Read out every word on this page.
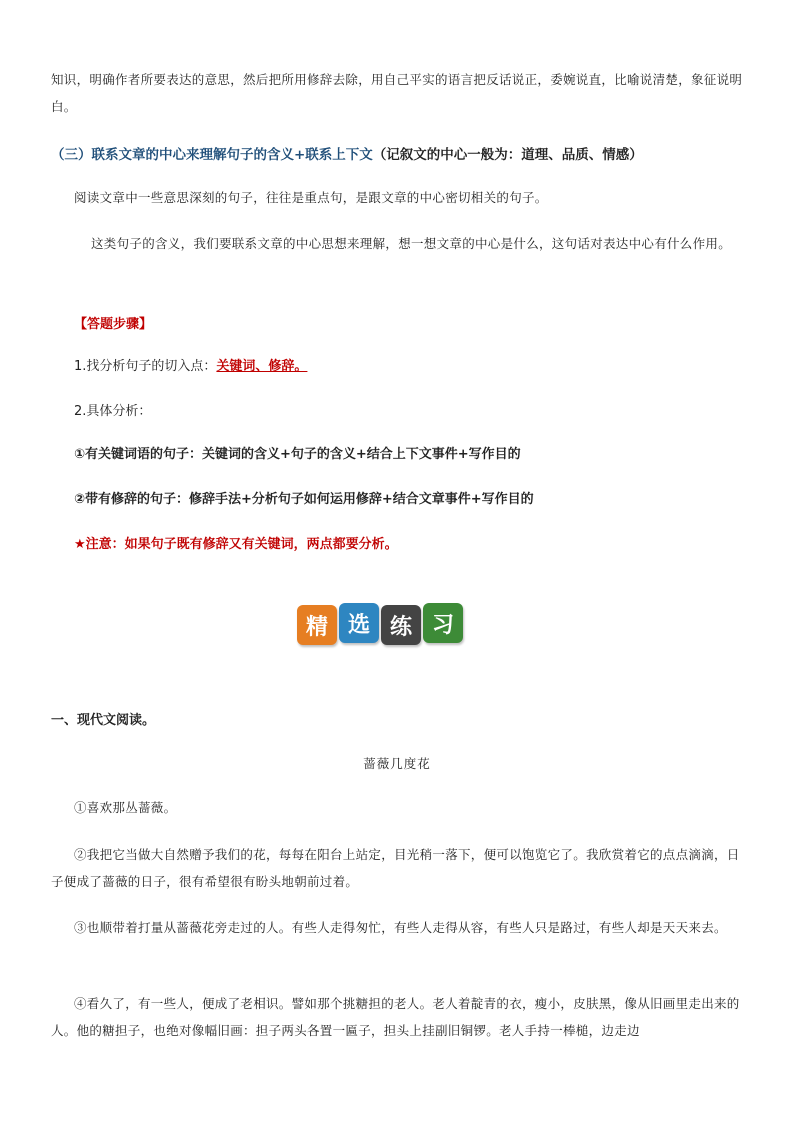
知识，明确作者所要表达的意思，然后把所用修辞去除，用自己平实的语言把反话说正，委婉说直，比喻说清楚，象征说明白。
（三）联系文章的中心来理解句子的含义+联系上下文（记叙文的中心一般为：道理、品质、情感）
阅读文章中一些意思深刻的句子，往往是重点句，是跟文章的中心密切相关的句子。
这类句子的含义，我们要联系文章的中心思想来理解，想一想文章的中心是什么，这句话对表达中心有什么作用。
【答题步骤】
1.找分析句子的切入点：关键词、修辞。
2.具体分析：
①有关键词语的句子：关键词的含义+句子的含义+结合上下文事件+写作目的
②带有修辞的句子：修辞手法+分析句子如何运用修辞+结合文章事件+写作目的
★注意：如果句子既有修辞又有关键词，两点都要分析。
精 选 练 习
一、现代文阅读。
蔷薇几度花
①喜欢那丛蔷薇。
②我把它当做大自然赠予我们的花，每每在阳台上站定，目光稍一落下，便可以饱览它了。我欣赏着它的点点滴滴，日子便成了蔷薇的日子，很有希望很有盼头地朝前过着。
③也顺带着打量从蔷薇花旁走过的人。有些人走得匆忙，有些人走得从容，有些人只是路过，有些人却是天天来去。
④看久了，有一些人，便成了老相识。譬如那个挑糖担的老人。老人着靛青的衣，瘦小，皮肤黑，像从旧画里走出来的人。他的糖担子，也绝对像幅旧画：担子两头各置一匾子，担头上挂副旧铜锣。老人手持一棒槌，边走边
